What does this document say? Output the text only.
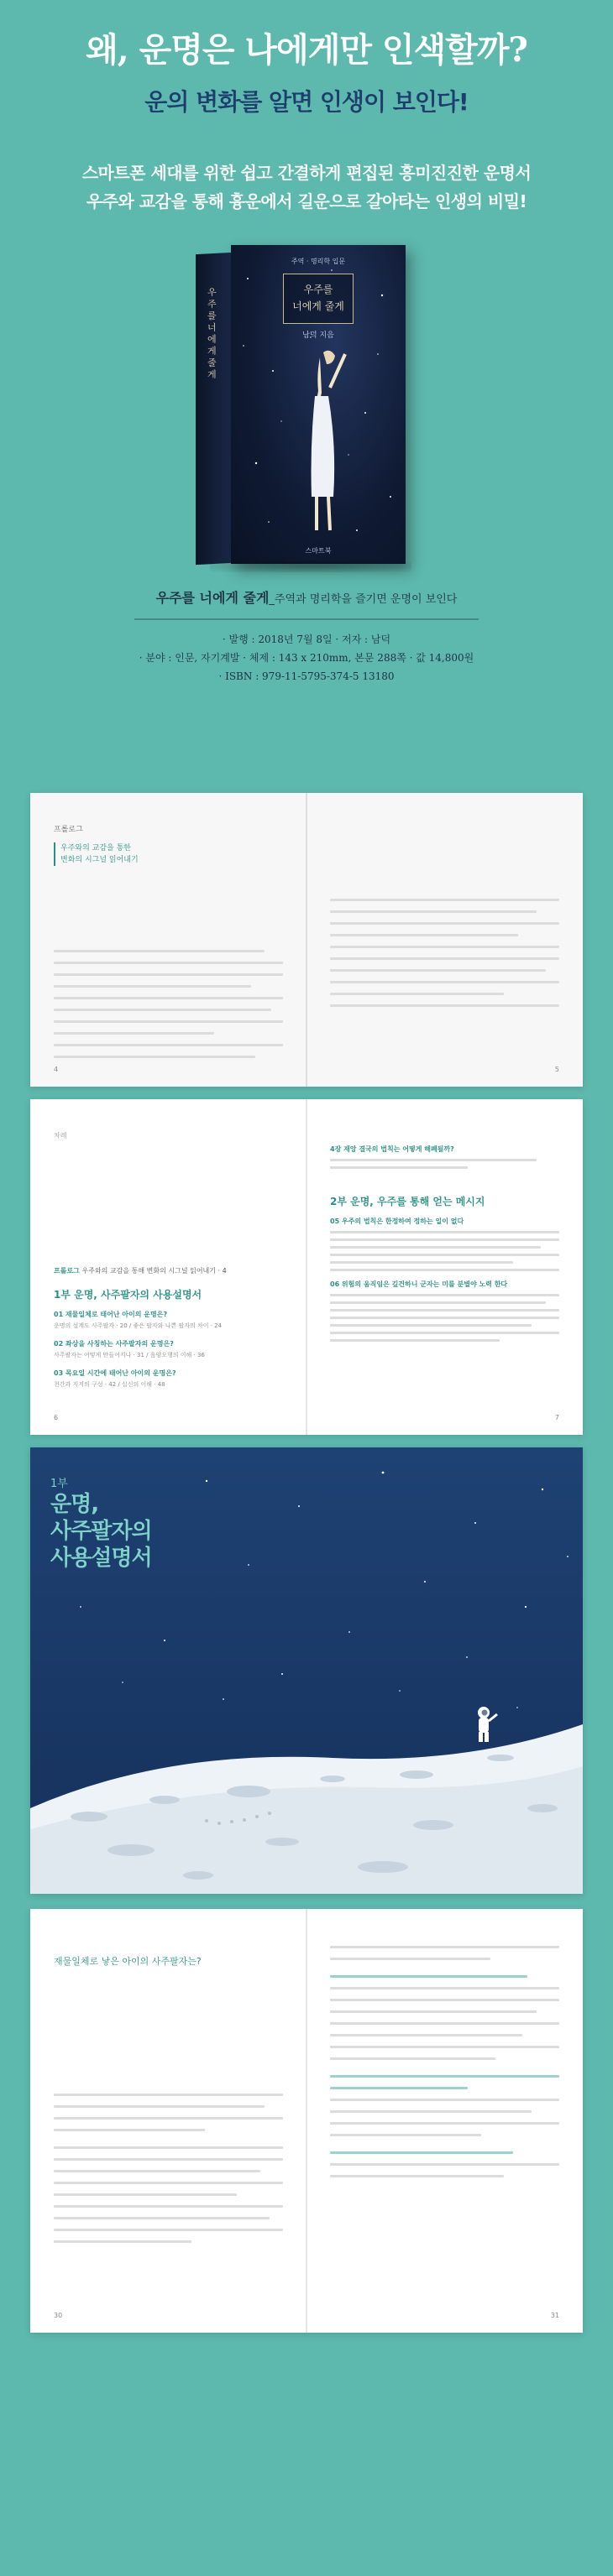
왜, 운명은 나에게만 인색할까?
운의 변화를 알면 인생이 보인다!

스마트폰 세대를 위한 쉽고 간결하게 편집된 흥미진진한 운명서

우주와 교감을 통해 흉운에서 길운으로 갈아타는 인생의 비밀!

우주를 너에게 줄게
주역 · 명리학 입문
우주를
너에게 줄게
남덕 지음
스마트북
우주를 너에게 줄게_주역과 명리학을 즐기면 운명이 보인다
· 발행 : 2018년 7월 8일 · 저자 : 남덕
· 분야 : 인문, 자기계발 · 체제 : 143 x 210mm, 본문 288쪽 · 값 14,800원
· ISBN : 979-11-5795-374-5 13180
프롤로그
우주와의 교감을 통한
변화의 시그널 읽어내기
4	5
차례
프롤로그 우주와의 교감을 통해 변화의 시그널 읽어내기 · 4
1부 운명, 사주팔자의 사용설명서
01 재물일체로 태어난 아이의 운명은?
운명의 설계도 사주팔자 · 20 / 좋은 팔자와 나쁜 팔자의 차이 · 24
02 좌상을 사칭하는 사주팔자의 운명은?
사주팔자는 어떻게 만들어지나 · 31 / 음양오행의 이해 · 36
03 목요일 시간에 태어난 아이의 운명은?
천간과 지지의 구성 · 42 / 십신의 이해 · 48
6
4장 재앙 결국의 법칙는 어떻게 해폐될까?
2부 운명, 우주를 통해 얻는 메시지
05 우주의 법칙은 한정하여 정하는 일이 없다
06 위험의 움직임은 깊건하니 군자는 미를 분별야 노력 한다
7
1부
운명,
사주팔자의
사용설명서
재물일체로 낳은 아이의 사주팔자는?
30	31
